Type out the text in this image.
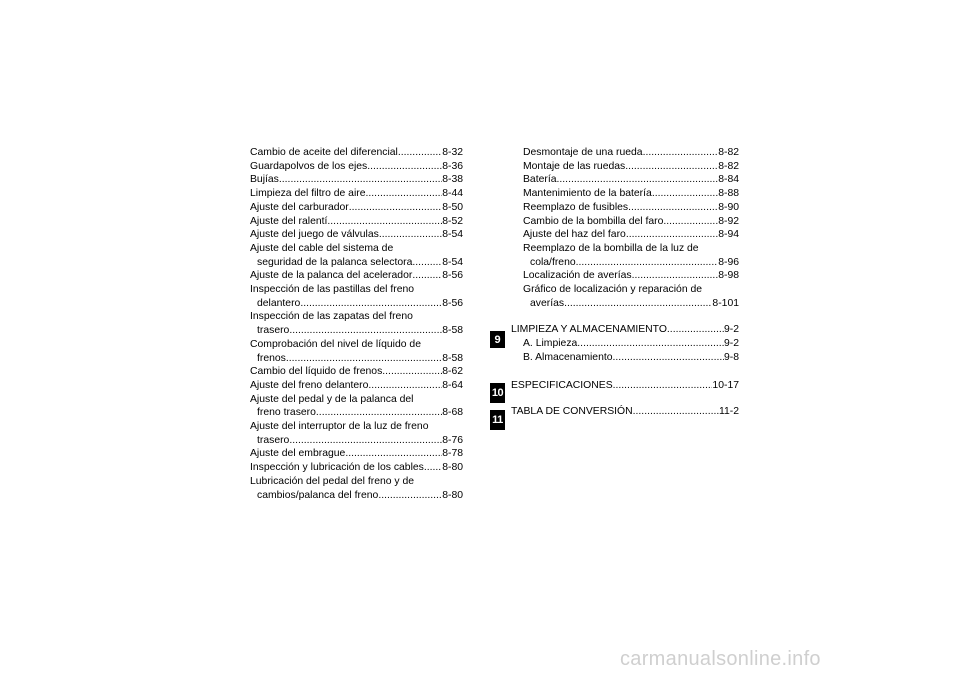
Cambio de aceite del diferencial .....	8-32
Guardapolvos de los ejes .....	8-36
Bujías .....	8-38
Limpieza del filtro de aire .....	8-44
Ajuste del carburador .....	8-50
Ajuste del ralentí .....	8-52
Ajuste del juego de válvulas .....	8-54
Ajuste del cable del sistema de
seguridad de la palanca selectora .....	8-54
Ajuste de la palanca del acelerador .....	8-56
Inspección de las pastillas del freno
delantero .....	8-56
Inspección de las zapatas del freno
trasero .....	8-58
Comprobación del nivel de líquido de
frenos .....	8-58
Cambio del líquido de frenos .....	8-62
Ajuste del freno delantero .....	8-64
Ajuste del pedal y de la palanca del
freno trasero .....	8-68
Ajuste del interruptor de la luz de freno
trasero .....	8-76
Ajuste del embrague .....	8-78
Inspección y lubricación de los cables ..... 8-80
Lubricación del pedal del freno y de
cambios/palanca del freno .....	8-80
Desmontaje de una rueda .....	8-82
Montaje de las ruedas .....	8-82
Batería .....	8-84
Mantenimiento de la batería .....	8-88
Reemplazo de fusibles .....	8-90
Cambio de la bombilla del faro .....	8-92
Ajuste del haz del faro .....	8-94
Reemplazo de la bombilla de la luz de
cola/freno .....	8-96
Localización de averías .....	8-98
Gráfico de localización y reparación de
averías .....	8-101
LIMPIEZA Y ALMACENAMIENTO .....	9-2
A. Limpieza .....	9-2
B. Almacenamiento .....	9-8
ESPECIFICACIONES .....	10-17
TABLA DE CONVERSIÓN .....	11-2
9
10
11
carmanualsonline.info
